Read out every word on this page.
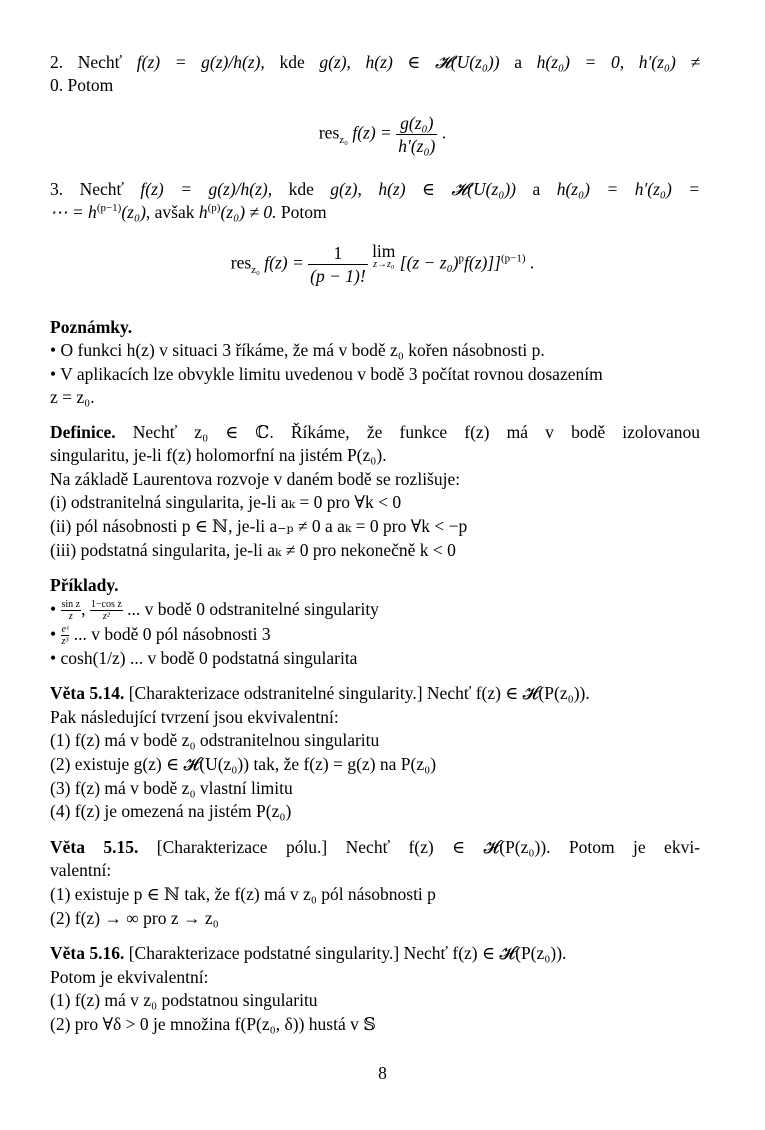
2. Nechť f(z) = g(z)/h(z), kde g(z), h(z) ∈ 𝓗(U(z₀)) a h(z₀) = 0, h′(z₀) ≠
0. Potom
res$_{z_0}$ $f(z) = \frac{\text{g(z₀)}}{\text{h′(z₀)}}$ .
3. Nechť f(z) = g(z)/h(z), kde g(z), h(z) ∈ 𝓗(U(z₀)) a h(z₀) = h′(z₀) =
⋯ = $h^{(p-1)}(z_0)$, avšak $h^{(p)}(z_0) \ne 0$. Potom
res$_{z_0}$ $f(z) = \frac{1}{(p - 1)!}$ lim
z→z₀ $[(z - z_0)^pf(z)]]^{(p-1)}$ .
Poznámky.
• O funkci h(z) v situaci 3 říkáme, že má v bodě z₀ kořen násobnosti p.
• V aplikacích lze obvykle limitu uvedenou v bodě 3 počítat rovnou dosazením
z = z₀.
Definice. Nechť z₀ ∈ ℂ. Říkáme, že funkce f(z) má v bodě izolovanou
singularitu, je-li f(z) holomorfní na jistém P(z₀).
Na základě Laurentova rozvoje v daném bodě se rozlišuje:
(i) odstranitelná singularita, je-li aₖ = 0 pro ∀k < 0
(ii) pól násobnosti p ∈ ℕ, je-li a₋ₚ ≠ 0 a aₖ = 0 pro ∀k < −p
(iii) podstatná singularita, je-li aₖ ≠ 0 pro nekonečně k < 0
Příklady.
• $\frac{\text{sin z}}{z}$ , $\frac{\text{1−cos z}}{\text{z²}}$ ... v bodě 0 odstranitelné singularity
• $\frac{\text{eᶻ}}{\text{z³}}$ ... v bodě 0 pól násobnosti 3
• cosh(1/z) ... v bodě 0 podstatná singularita
Věta 5.14. [Charakterizace odstranitelné singularity.] Nechť f(z) ∈ 𝓗(P(z₀)).
Pak následující tvrzení jsou ekvivalentní:
(1) f(z) má v bodě z₀ odstranitelnou singularitu
(2) existuje g(z) ∈ 𝓗(U(z₀)) tak, že f(z) = g(z) na P(z₀)
(3) f(z) má v bodě z₀ vlastní limitu
(4) f(z) je omezená na jistém P(z₀)
Věta 5.15. [Charakterizace pólu.] Nechť f(z) ∈ 𝓗(P(z₀)). Potom je ekvi-
valentní:
(1) existuje p ∈ ℕ tak, že f(z) má v z₀ pól násobnosti p
(2) f(z) → ∞ pro z → z₀
Věta 5.16. [Charakterizace podstatné singularity.] Nechť f(z) ∈ 𝓗(P(z₀)).
Potom je ekvivalentní:
(1) f(z) má v z₀ podstatnou singularitu
(2) pro ∀δ > 0 je množina f(P(z₀, δ)) hustá v 𝕊
8
